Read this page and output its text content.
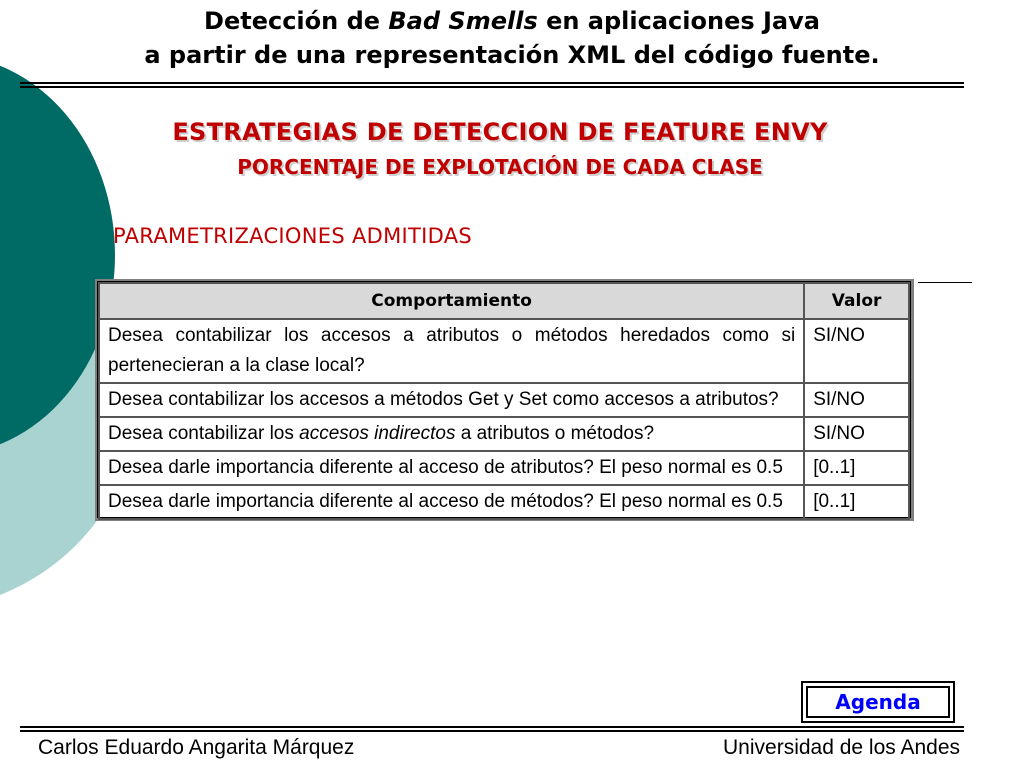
Detección de Bad Smells en aplicaciones Java
a partir de una representación XML del código fuente.
ESTRATEGIAS DE DETECCION DE FEATURE ENVY
PORCENTAJE DE EXPLOTACIÓN DE CADA CLASE
PARAMETRIZACIONES ADMITIDAS
Comportamiento	Valor
Desea contabilizar los accesos a atributos o métodos heredados como si pertenecieran a la clase local?	SI/NO
Desea contabilizar los accesos a métodos Get y Set como accesos a atributos?	SI/NO
Desea contabilizar los accesos indirectos a atributos o métodos?	SI/NO
Desea darle importancia diferente al acceso de atributos? El peso normal es 0.5	[0..1]
Desea darle importancia diferente al acceso de métodos? El peso normal es 0.5	[0..1]
Agenda
Carlos Eduardo Angarita Márquez	Universidad de los Andes
